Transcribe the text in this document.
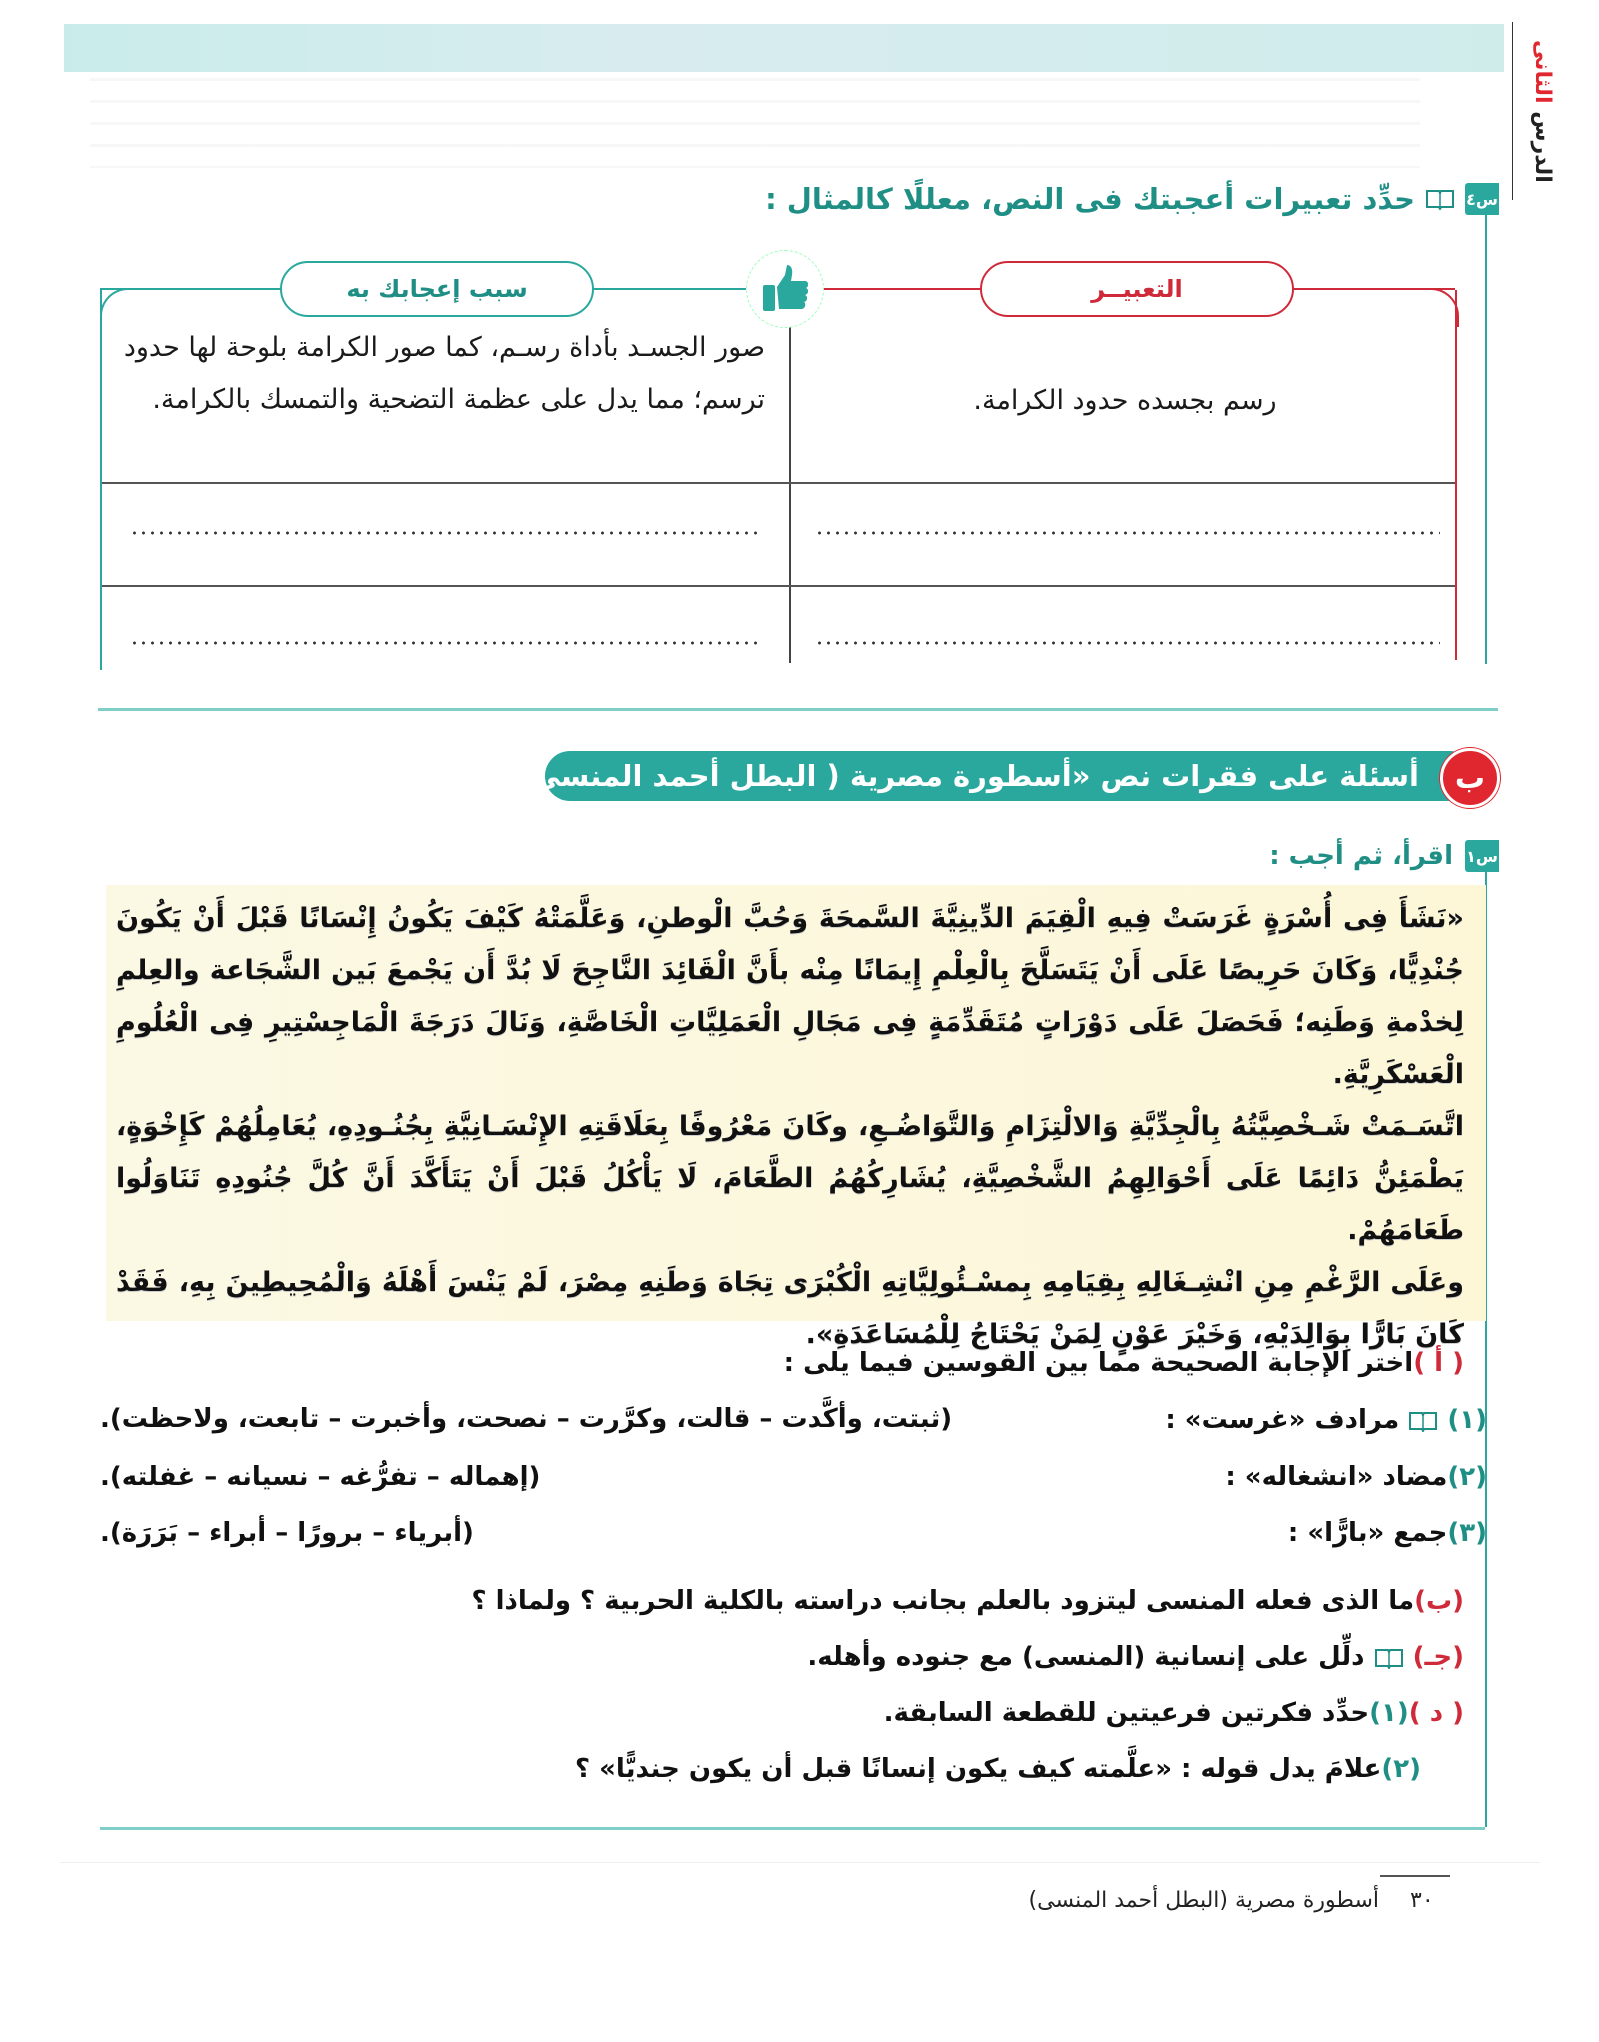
الدرس الثانى
س٤
حدِّد تعبيرات أعجبتك فى النص، معللًا كالمثال :
التعبيــر
سبب إعجابك به
صور الجسـد بأداة رسـم، كما صور الكرامة بلوحة لها حدود ترسم؛ مما يدل على عظمة التضحية والتمسك بالكرامة.	رسم بجسده حدود الكرامة.
أسئلة على فقرات نص «أسطورة مصرية ( البطل أحمد المنسى)»	ب
س١
اقرأ، ثم أجب :

«نَشَأَ فِى أُسْرَةٍ غَرَسَتْ فِيهِ الْقِيَمَ الدِّينِيَّةَ السَّمحَةَ وَحُبَّ الْوطنِ، وَعَلَّمَتْهُ كَيْفَ يَكُونُ إِنْسَانًا قَبْلَ أَنْ يَكُونَ جُنْدِيًّا، وَكَانَ حَرِيصًا عَلَى أَنْ يَتَسَلَّحَ بِالْعِلْمِ إِيمَانًا مِنْه بأَنَّ الْقَائِدَ النَّاجِحَ لَا بُدَّ أَن يَجْمعَ بَين الشَّجَاعة والعِلمِ لِخدْمةِ وَطَنِه؛ فَحَصَلَ عَلَى دَوْرَاتٍ مُتَقَدِّمَةٍ فِى مَجَالِ الْعَمَلِيَّاتِ الْخَاصَّةِ، وَنَالَ دَرَجَةَ الْمَاجِسْتِيرِ فِى الْعُلُومِ الْعَسْكَرِيَّةِ.

اتَّسَـمَتْ شَـخْصِيَّتُهُ بِالْجِدِّيَّةِ وَالالْتِزَامِ وَالتَّوَاضُـعِ، وكَانَ مَعْرُوفًا بِعَلَاقَتِهِ الإِنْسَـانِيَّةِ بِجُنُـودِهِ، يُعَامِلُهُمْ كَإِخْوَةٍ، يَطْمَئِنُّ دَائِمًا عَلَى أَحْوَالِهِمُ الشَّخْصِيَّةِ، يُشَارِكُهُمُ الطَّعَامَ، لَا يَأْكُلُ قَبْلَ أَنْ يَتَأَكَّدَ أَنَّ كُلَّ جُنُودِهِ تَنَاوَلُوا طَعَامَهُمْ.

وعَلَى الرَّغْمِ مِنِ انْشِـغَالِهِ بِقِيَامِهِ بِمسْـئُولِيَّاتِهِ الْكُبْرَى تِجَاهَ وَطَنِهِ مِصْرَ، لَمْ يَنْسَ أَهْلَهُ وَالْمُحِيطِينَ بِهِ، فَقَدْ كَانَ بَارًّا بِوَالِدَيْهِ، وَخَيْرَ عَوْنٍ لِمَنْ يَحْتَاجُ لِلْمُسَاعَدَةِ».

( أ )اختر الإجابة الصحيحة مما بين القوسين فيما يلى :
(١)  مرادف «غرست» :
(ثبتت، وأكَّدت – قالت، وكرَّرت – نصحت، وأخبرت – تابعت، ولاحظت).
(٢)مضاد «انشغاله» :
(إهماله – تفرُّغه – نسيانه – غفلته).
(٣)جمع «بارًّا» :
(أبرياء – برورًا – أبراء – بَرَرَة).
(ب)ما الذى فعله المنسى ليتزود بالعلم بجانب دراسته بالكلية الحربية ؟ ولماذا ؟
(جـ)  دلِّل على إنسانية (المنسى) مع جنوده وأهله.
( د )(١)حدِّد فكرتين فرعيتين للقطعة السابقة.
(٢)علامَ يدل قوله : «علَّمته كيف يكون إنسانًا قبل أن يكون جنديًّا» ؟
٣٠
أسطورة مصرية (البطل أحمد المنسى)
